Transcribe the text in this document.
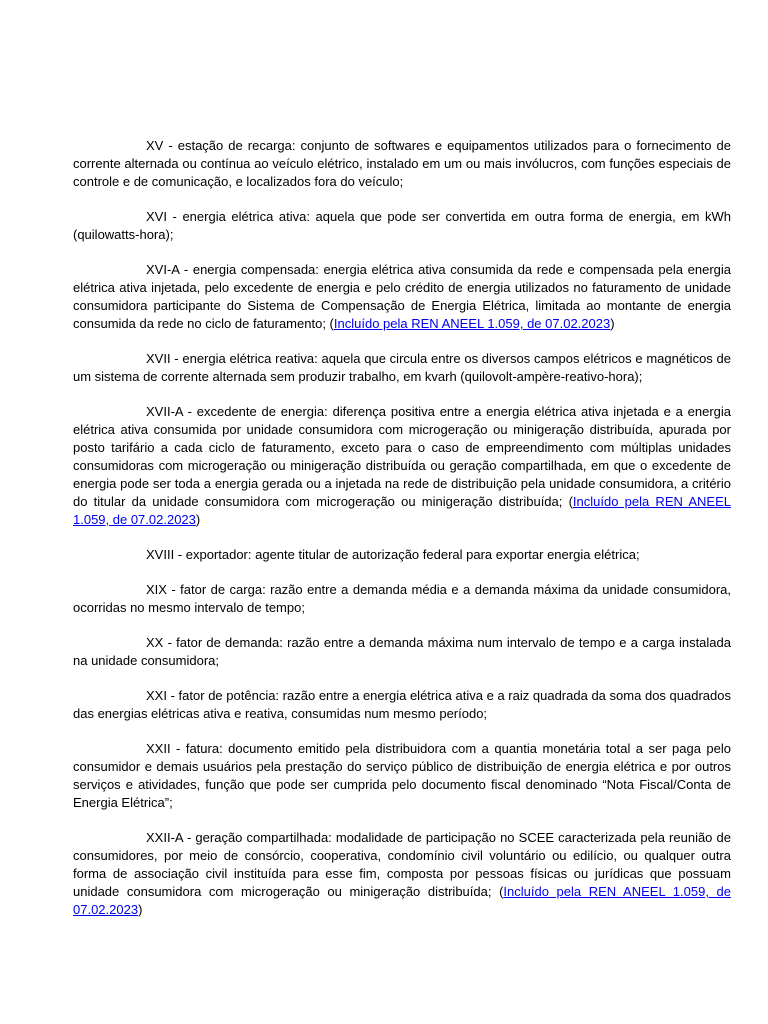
XV - estação de recarga: conjunto de softwares e equipamentos utilizados para o fornecimento de corrente alternada ou contínua ao veículo elétrico, instalado em um ou mais invólucros, com funções especiais de controle e de comunicação, e localizados fora do veículo;

XVI - energia elétrica ativa: aquela que pode ser convertida em outra forma de energia, em kWh (quilowatts-hora);

XVI-A - energia compensada: energia elétrica ativa consumida da rede e compensada pela energia elétrica ativa injetada, pelo excedente de energia e pelo crédito de energia utilizados no faturamento de unidade consumidora participante do Sistema de Compensação de Energia Elétrica, limitada ao montante de energia consumida da rede no ciclo de faturamento; (Incluído pela REN ANEEL 1.059, de 07.02.2023)

XVII - energia elétrica reativa: aquela que circula entre os diversos campos elétricos e magnéticos de um sistema de corrente alternada sem produzir trabalho, em kvarh (quilovolt-ampère-reativo-hora);

XVII-A - excedente de energia: diferença positiva entre a energia elétrica ativa injetada e a energia elétrica ativa consumida por unidade consumidora com microgeração ou minigeração distribuída, apurada por posto tarifário a cada ciclo de faturamento, exceto para o caso de empreendimento com múltiplas unidades consumidoras com microgeração ou minigeração distribuída ou geração compartilhada, em que o excedente de energia pode ser toda a energia gerada ou a injetada na rede de distribuição pela unidade consumidora, a critério do titular da unidade consumidora com microgeração ou minigeração distribuída; (Incluído pela REN ANEEL 1.059, de 07.02.2023)

XVIII - exportador: agente titular de autorização federal para exportar energia elétrica;

XIX - fator de carga: razão entre a demanda média e a demanda máxima da unidade consumidora, ocorridas no mesmo intervalo de tempo;

XX - fator de demanda: razão entre a demanda máxima num intervalo de tempo e a carga instalada na unidade consumidora;

XXI - fator de potência: razão entre a energia elétrica ativa e a raiz quadrada da soma dos quadrados das energias elétricas ativa e reativa, consumidas num mesmo período;

XXII - fatura: documento emitido pela distribuidora com a quantia monetária total a ser paga pelo consumidor e demais usuários pela prestação do serviço público de distribuição de energia elétrica e por outros serviços e atividades, função que pode ser cumprida pelo documento fiscal denominado “Nota Fiscal/Conta de Energia Elétrica”;

XXII-A - geração compartilhada: modalidade de participação no SCEE caracterizada pela reunião de consumidores, por meio de consórcio, cooperativa, condomínio civil voluntário ou edilício, ou qualquer outra forma de associação civil instituída para esse fim, composta por pessoas físicas ou jurídicas que possuam unidade consumidora com microgeração ou minigeração distribuída; (Incluído pela REN ANEEL 1.059, de 07.02.2023)
